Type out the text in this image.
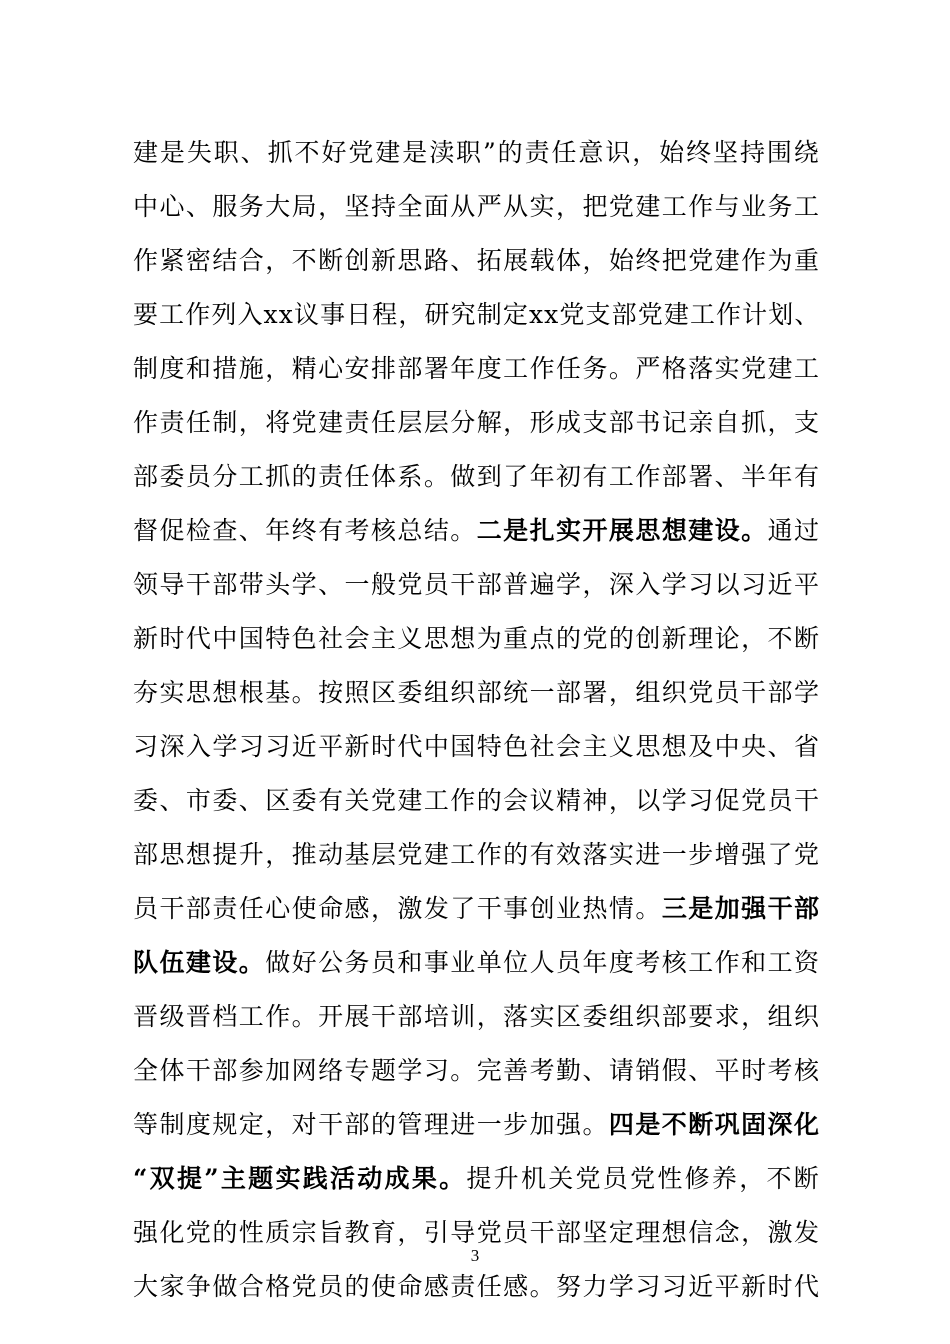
建是失职、抓不好党建是渎职”的责任意识，始终坚持围绕
中心、服务大局，坚持全面从严从实，把党建工作与业务工
作紧密结合，不断创新思路、拓展载体，始终把党建作为重
要工作列入xx议事日程，研究制定xx党支部党建工作计划、
制度和措施，精心安排部署年度工作任务。严格落实党建工
作责任制，将党建责任层层分解，形成支部书记亲自抓，支
部委员分工抓的责任体系。做到了年初有工作部署、半年有
督促检查、年终有考核总结。二是扎实开展思想建设。通过
领导干部带头学、一般党员干部普遍学，深入学习以习近平
新时代中国特色社会主义思想为重点的党的创新理论，不断
夯实思想根基。按照区委组织部统一部署，组织党员干部学
习深入学习习近平新时代中国特色社会主义思想及中央、省
委、市委、区委有关党建工作的会议精神，以学习促党员干
部思想提升，推动基层党建工作的有效落实进一步增强了党
员干部责任心使命感，激发了干事创业热情。三是加强干部
队伍建设。做好公务员和事业单位人员年度考核工作和工资
晋级晋档工作。开展干部培训，落实区委组织部要求，组织
全体干部参加网络专题学习。完善考勤、请销假、平时考核
等制度规定，对干部的管理进一步加强。四是不断巩固深化
“双提”主题实践活动成果。提升机关党员党性修养，不断
强化党的性质宗旨教育，引导党员干部坚定理想信念，激发
大家争做合格党员的使命感责任感。努力学习习近平新时代
3
